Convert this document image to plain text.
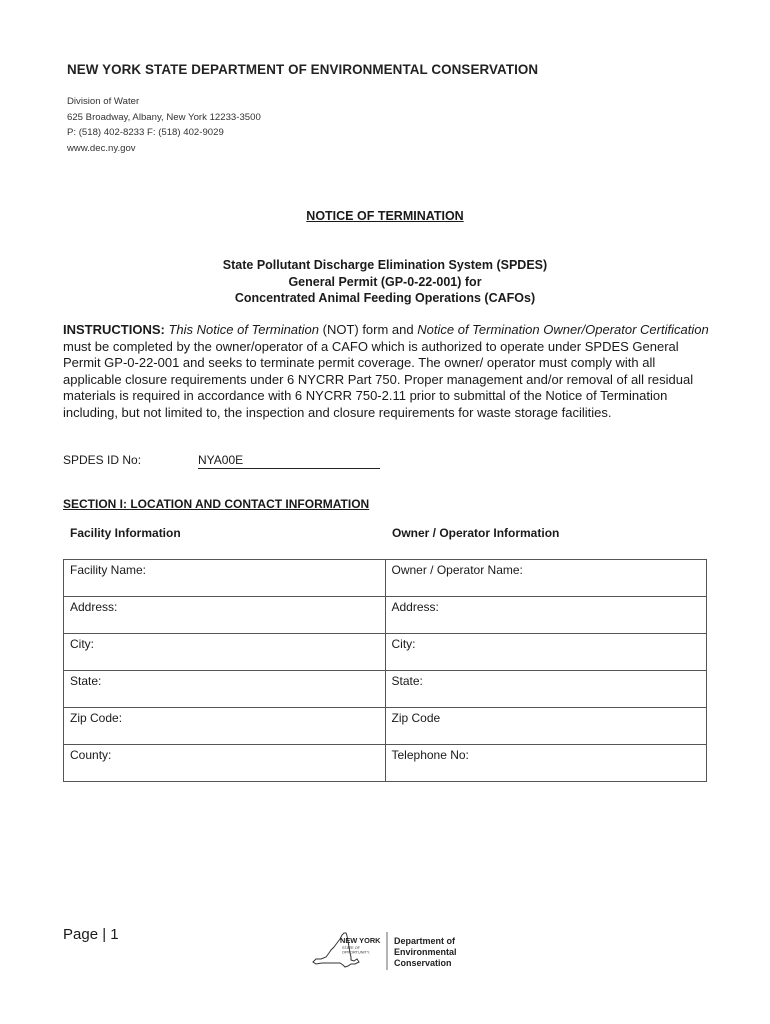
NEW YORK STATE DEPARTMENT OF ENVIRONMENTAL CONSERVATION
Division of Water
625 Broadway, Albany, New York 12233-3500
P: (518) 402-8233 F: (518) 402-9029
www.dec.ny.gov
NOTICE OF TERMINATION
State Pollutant Discharge Elimination System (SPDES)
General Permit (GP-0-22-001) for
Concentrated Animal Feeding Operations (CAFOs)
INSTRUCTIONS: This Notice of Termination (NOT) form and Notice of Termination Owner/Operator Certification must be completed by the owner/operator of a CAFO which is authorized to operate under SPDES General Permit GP-0-22-001 and seeks to terminate permit coverage. The owner/ operator must comply with all applicable closure requirements under 6 NYCRR Part 750. Proper management and/or removal of all residual materials is required in accordance with 6 NYCRR 750-2.11 prior to submittal of the Notice of Termination including, but not limited to, the inspection and closure requirements for waste storage facilities.
SPDES ID No:	NYA00E
SECTION I: LOCATION AND CONTACT INFORMATION
Facility Information	Owner / Operator Information
Facility Name:	Owner / Operator Name:
Address:	Address:
City:	City:
State:	State:
Zip Code:	Zip Code
County:	Telephone No:
Page | 1	NEW YORK
STATE OF
OPPORTUNITY.
Department of
Environmental
Conservation
